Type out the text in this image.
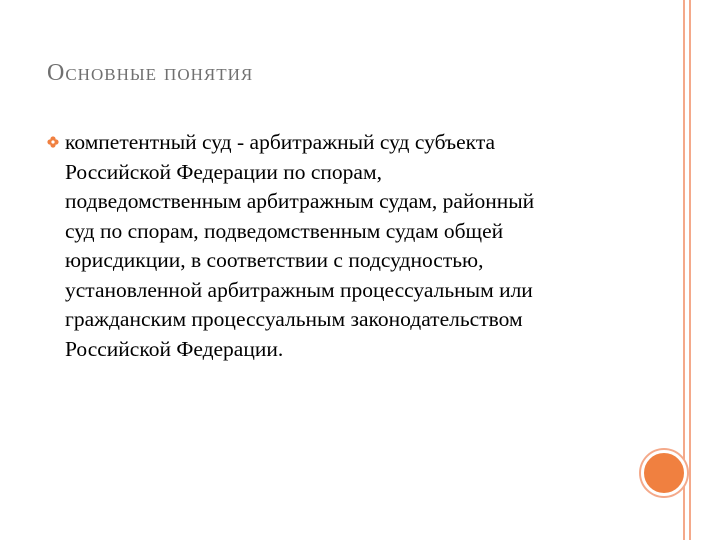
Основные понятия
компетентный суд - арбитражный суд субъекта
Российской Федерации по спорам,
подведомственным арбитражным судам, районный
суд по спорам, подведомственным судам общей
юрисдикции, в соответствии с подсудностью,
установленной арбитражным процессуальным или
гражданским процессуальным законодательством
Российской Федерации.
